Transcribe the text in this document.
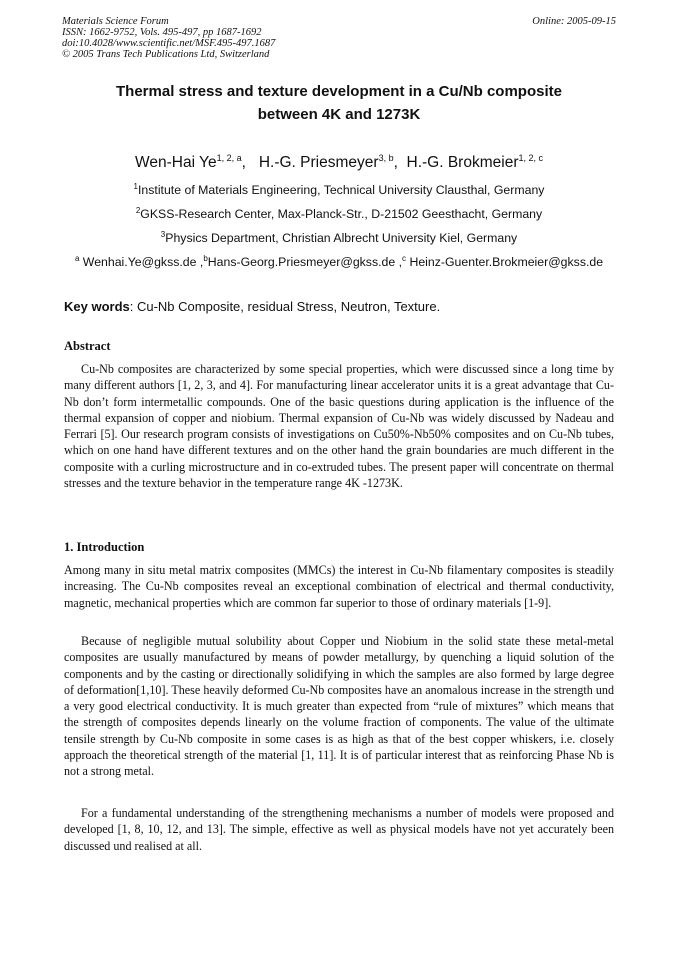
Materials Science Forum
ISSN: 1662-9752, Vols. 495-497, pp 1687-1692
doi:10.4028/www.scientific.net/MSF.495-497.1687
© 2005 Trans Tech Publications Ltd, Switzerland
Online: 2005-09-15
Thermal stress and texture development in a Cu/Nb composite
between 4K and 1273K
Wen-Hai Ye$^{1, 2, a}$,   H.-G. Priesmeyer$^{3, b}$,  H.-G. Brokmeier$^{1, 2, c}$
$^1$Institute of Materials Engineering, Technical University Clausthal, Germany
$^2$GKSS-Research Center, Max-Planck-Str., D-21502 Geesthacht, Germany
$^3$Physics Department, Christian Albrecht University Kiel, Germany
$^a$ Wenhai.Ye@gkss.de ,$^b$Hans-Georg.Priesmeyer@gkss.de ,$^c$ Heinz-Guenter.Brokmeier@gkss.de
Key words: Cu-Nb Composite, residual Stress, Neutron, Texture.
Abstract
Cu-Nb composites are characterized by some special properties, which were discussed since a long time by many different authors [1, 2, 3, and 4]. For manufacturing linear accelerator units it is a great advantage that Cu-Nb don’t form intermetallic compounds. One of the basic questions during application is the influence of the thermal expansion of copper and niobium. Thermal expansion of Cu-Nb was widely discussed by Nadeau and Ferrari [5]. Our research program consists of investigations on Cu50%-Nb50% composites and on Cu-Nb tubes, which on one hand have different textures and on the other hand the grain boundaries are much different in the composite with a curling microstructure and in co-extruded tubes. The present paper will concentrate on thermal stresses and the texture behavior in the temperature range 4K -1273K.
1. Introduction
Among many in situ metal matrix composites (MMCs) the interest in Cu-Nb filamentary composites is steadily increasing. The Cu-Nb composites reveal an exceptional combination of electrical and thermal conductivity, magnetic, mechanical properties which are common far superior to those of ordinary materials [1-9].
Because of negligible mutual solubility about Copper und Niobium in the solid state these metal-metal composites are usually manufactured by means of powder metallurgy, by quenching a liquid solution of the components and by the casting or directionally solidifying in which the samples are also formed by large degree of deformation[1,10]. These heavily deformed Cu-Nb composites have an anomalous increase in the strength und a very good electrical conductivity. It is much greater than expected from “rule of mixtures” which means that the strength of composites depends linearly on the volume fraction of components. The value of the ultimate tensile strength by Cu-Nb composite in some cases is as high as that of the best copper whiskers, i.e. closely approach the theoretical strength of the material [1, 11]. It is of particular interest that as reinforcing Phase Nb is not a strong metal.
For a fundamental understanding of the strengthening mechanisms a number of models were proposed and developed [1, 8, 10, 12, and 13]. The simple, effective as well as physical models have not yet accurately been discussed und realised at all.
